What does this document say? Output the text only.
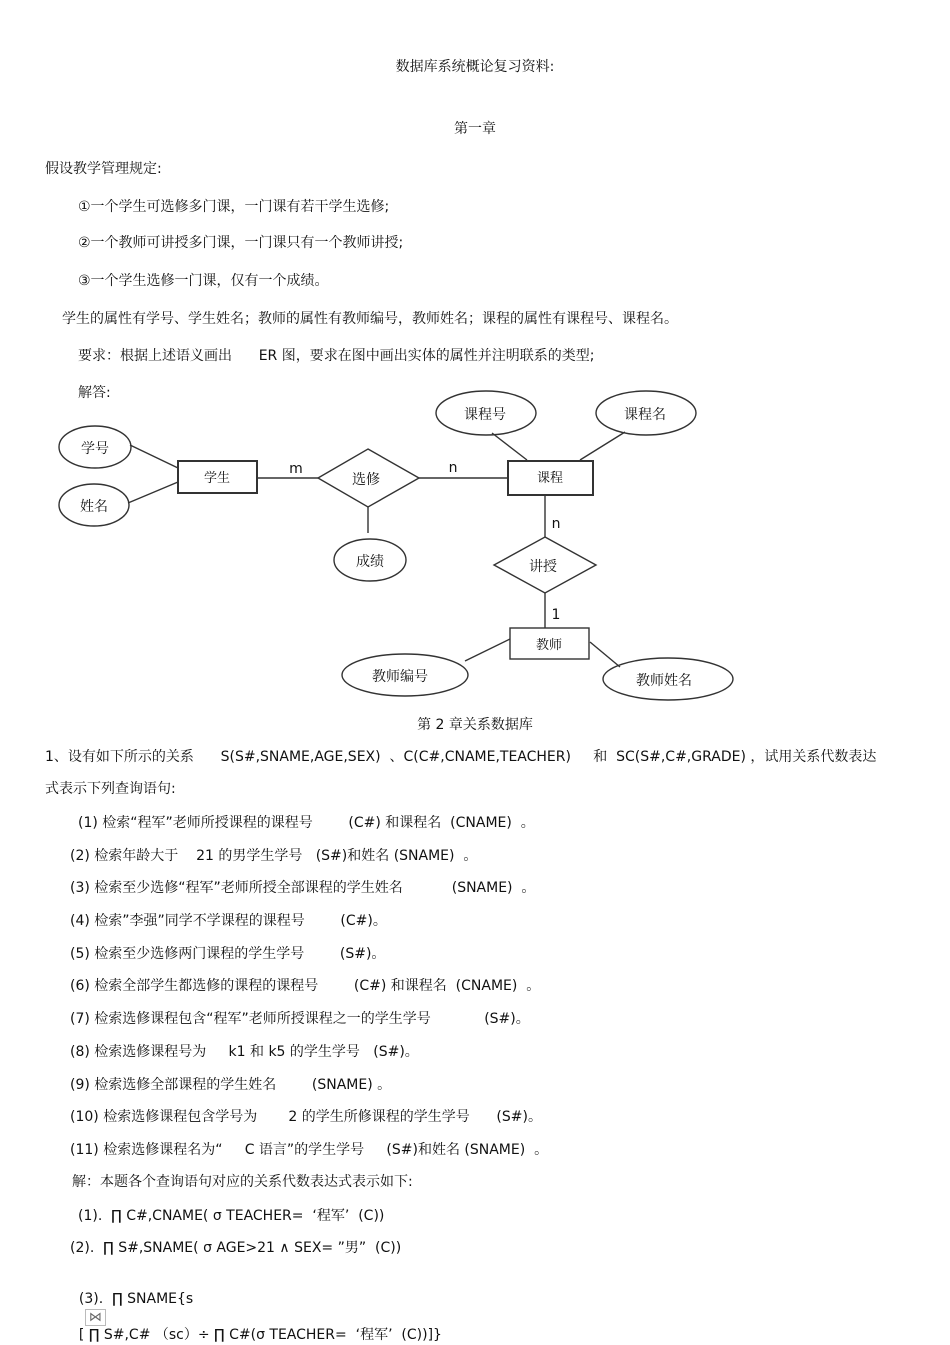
数据库系统概论复习资料:
第一章
假设教学管理规定:
①一个学生可选修多门课，一门课有若干学生选修;
②一个教师可讲授多门课，一门课只有一个教师讲授;
③一个学生选修一门课，仅有一个成绩。
学生的属性有学号、学生姓名；教师的属性有教师编号，教师姓名；课程的属性有课程号、课程名。
要求：根据上述语义画出      ER 图，要求在图中画出实体的属性并注明联系的类型;
解答:
学生	课程
教师
选修
讲授
学号
姓名
课程号	课程名
成绩
教师编号	教师姓名
m	n
n
1
第 2 章关系数据库
1、设有如下所示的关系      S(S#,SNAME,AGE,SEX)  、C(C#,CNAME,TEACHER)     和  SC(S#,C#,GRADE) ，试用关系代数表达
式表示下列查询语句:
(1) 检索“程军”老师所授课程的课程号        (C#) 和课程名  (CNAME)  。
(2) 检索年龄大于    21 的男学生学号   (S#)和姓名 (SNAME)  。
(3) 检索至少选修“程军”老师所授全部课程的学生姓名           (SNAME)  。
(4) 检索”李强”同学不学课程的课程号        (C#)。
(5) 检索至少选修两门课程的学生学号        (S#)。
(6) 检索全部学生都选修的课程的课程号        (C#) 和课程名  (CNAME)  。
(7) 检索选修课程包含“程军”老师所授课程之一的学生学号            (S#)。
(8) 检索选修课程号为     k1 和 k5 的学生学号   (S#)。
(9) 检索选修全部课程的学生姓名        (SNAME) 。
(10) 检索选修课程包含学号为       2 的学生所修课程的学生学号      (S#)。
(11) 检索选修课程名为“     C 语言”的学生学号     (S#)和姓名 (SNAME)  。
解：本题各个查询语句对应的关系代数表达式表示如下:
(1).  ∏ C#,CNAME( σ TEACHER=  ‘程军’  (C))
(2).  ∏ S#,SNAME( σ AGE>21 ∧ SEX= ”男”  (C))

(3).  ∏ SNAME{s
⋈
[ ∏ S#,C# （sc）÷ ∏ C#(σ TEACHER=  ‘程军’  (C))]}
